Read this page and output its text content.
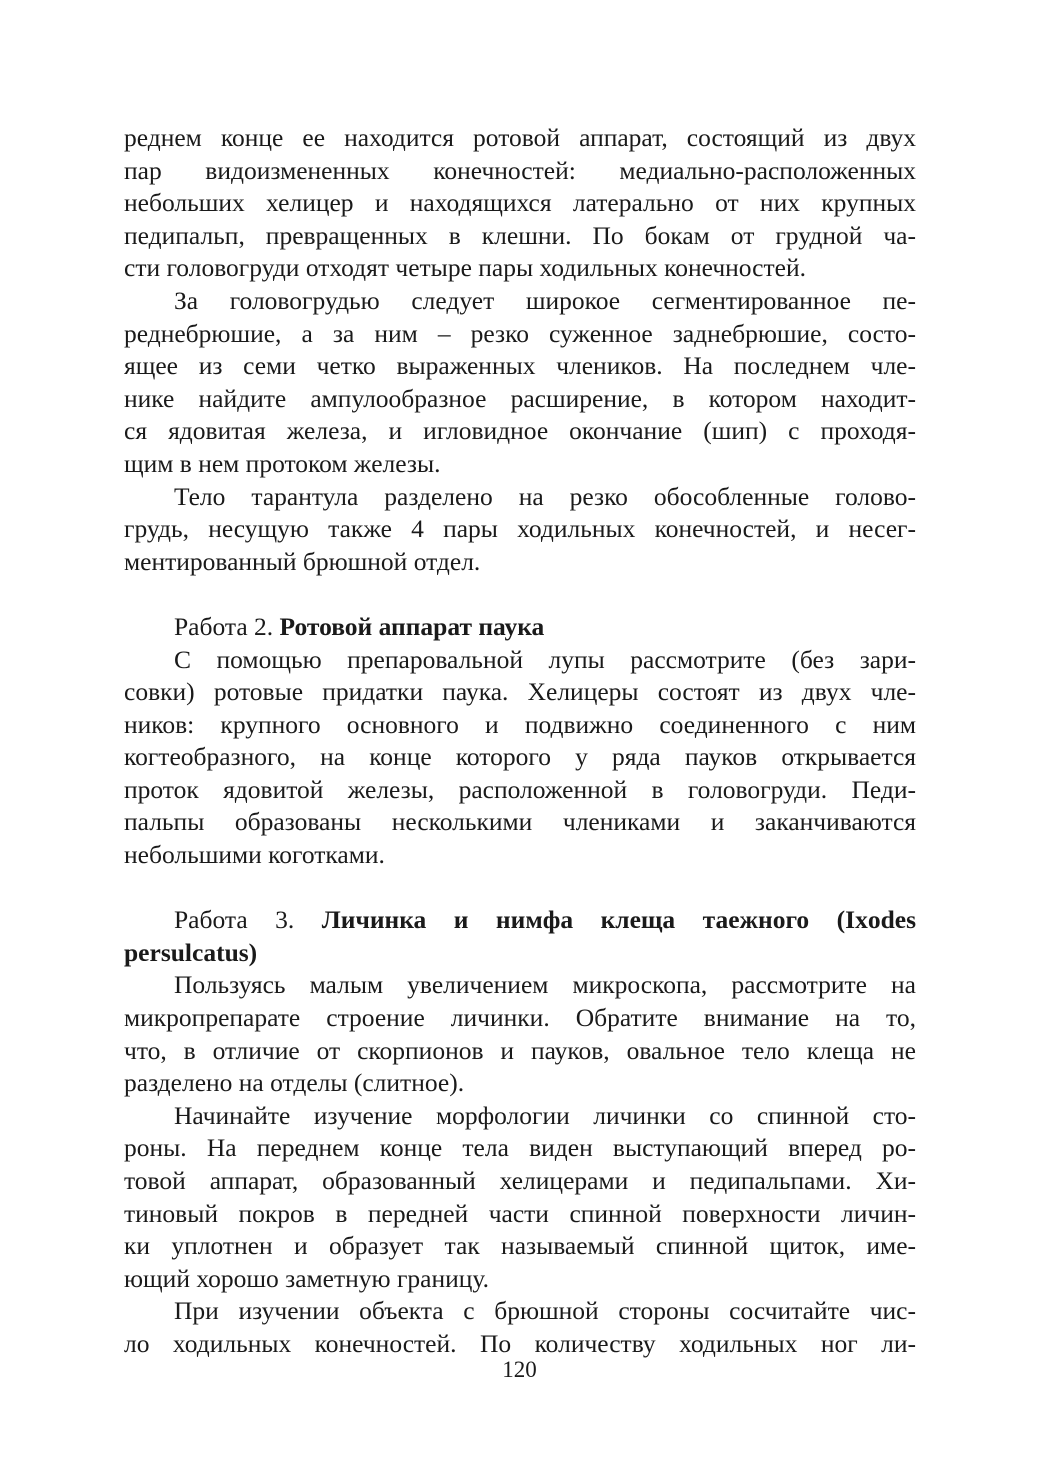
реднем конце ее находится ротовой аппарат, состоящий из двух
пар видоизмененных конечностей: медиально-расположенных
небольших хелицер и находящихся латерально от них крупных
педипальп, превращенных в клешни. По бокам от грудной ча-
сти головогруди отходят четыре пары ходильных конечностей.
За головогрудью следует широкое сегментированное пе-
реднебрюшие, а за ним – резко суженное заднебрюшие, состо-
ящее из семи четко выраженных члеников. На последнем чле-
нике найдите ампулообразное расширение, в котором находит-
ся ядовитая железа, и игловидное окончание (шип) с проходя-
щим в нем протоком железы.
Тело тарантула разделено на резко обособленные голово-
грудь, несущую также 4 пары ходильных конечностей, и несег-
ментированный брюшной отдел.
Работа 2. Ротовой аппарат паука
С помощью препаровальной лупы рассмотрите (без зари-
совки) ротовые придатки паука. Хелицеры состоят из двух чле-
ников: крупного основного и подвижно соединенного с ним
когтеобразного, на конце которого у ряда пауков открывается
проток ядовитой железы, расположенной в головогруди. Педи-
пальпы образованы несколькими члениками и заканчиваются
небольшими коготками.
Работа 3. Личинка и нимфа клеща таежного (Ixodes
persulcatus)
Пользуясь малым увеличением микроскопа, рассмотрите на
микропрепарате строение личинки. Обратите внимание на то,
что, в отличие от скорпионов и пауков, овальное тело клеща не
разделено на отделы (слитное).
Начинайте изучение морфологии личинки со спинной сто-
роны. На переднем конце тела виден выступающий вперед ро-
товой аппарат, образованный хелицерами и педипальпами. Хи-
тиновый покров в передней части спинной поверхности личин-
ки уплотнен и образует так называемый спинной щиток, име-
ющий хорошо заметную границу.
При изучении объекта с брюшной стороны сосчитайте чис-
ло ходильных конечностей. По количеству ходильных ног ли-
120
